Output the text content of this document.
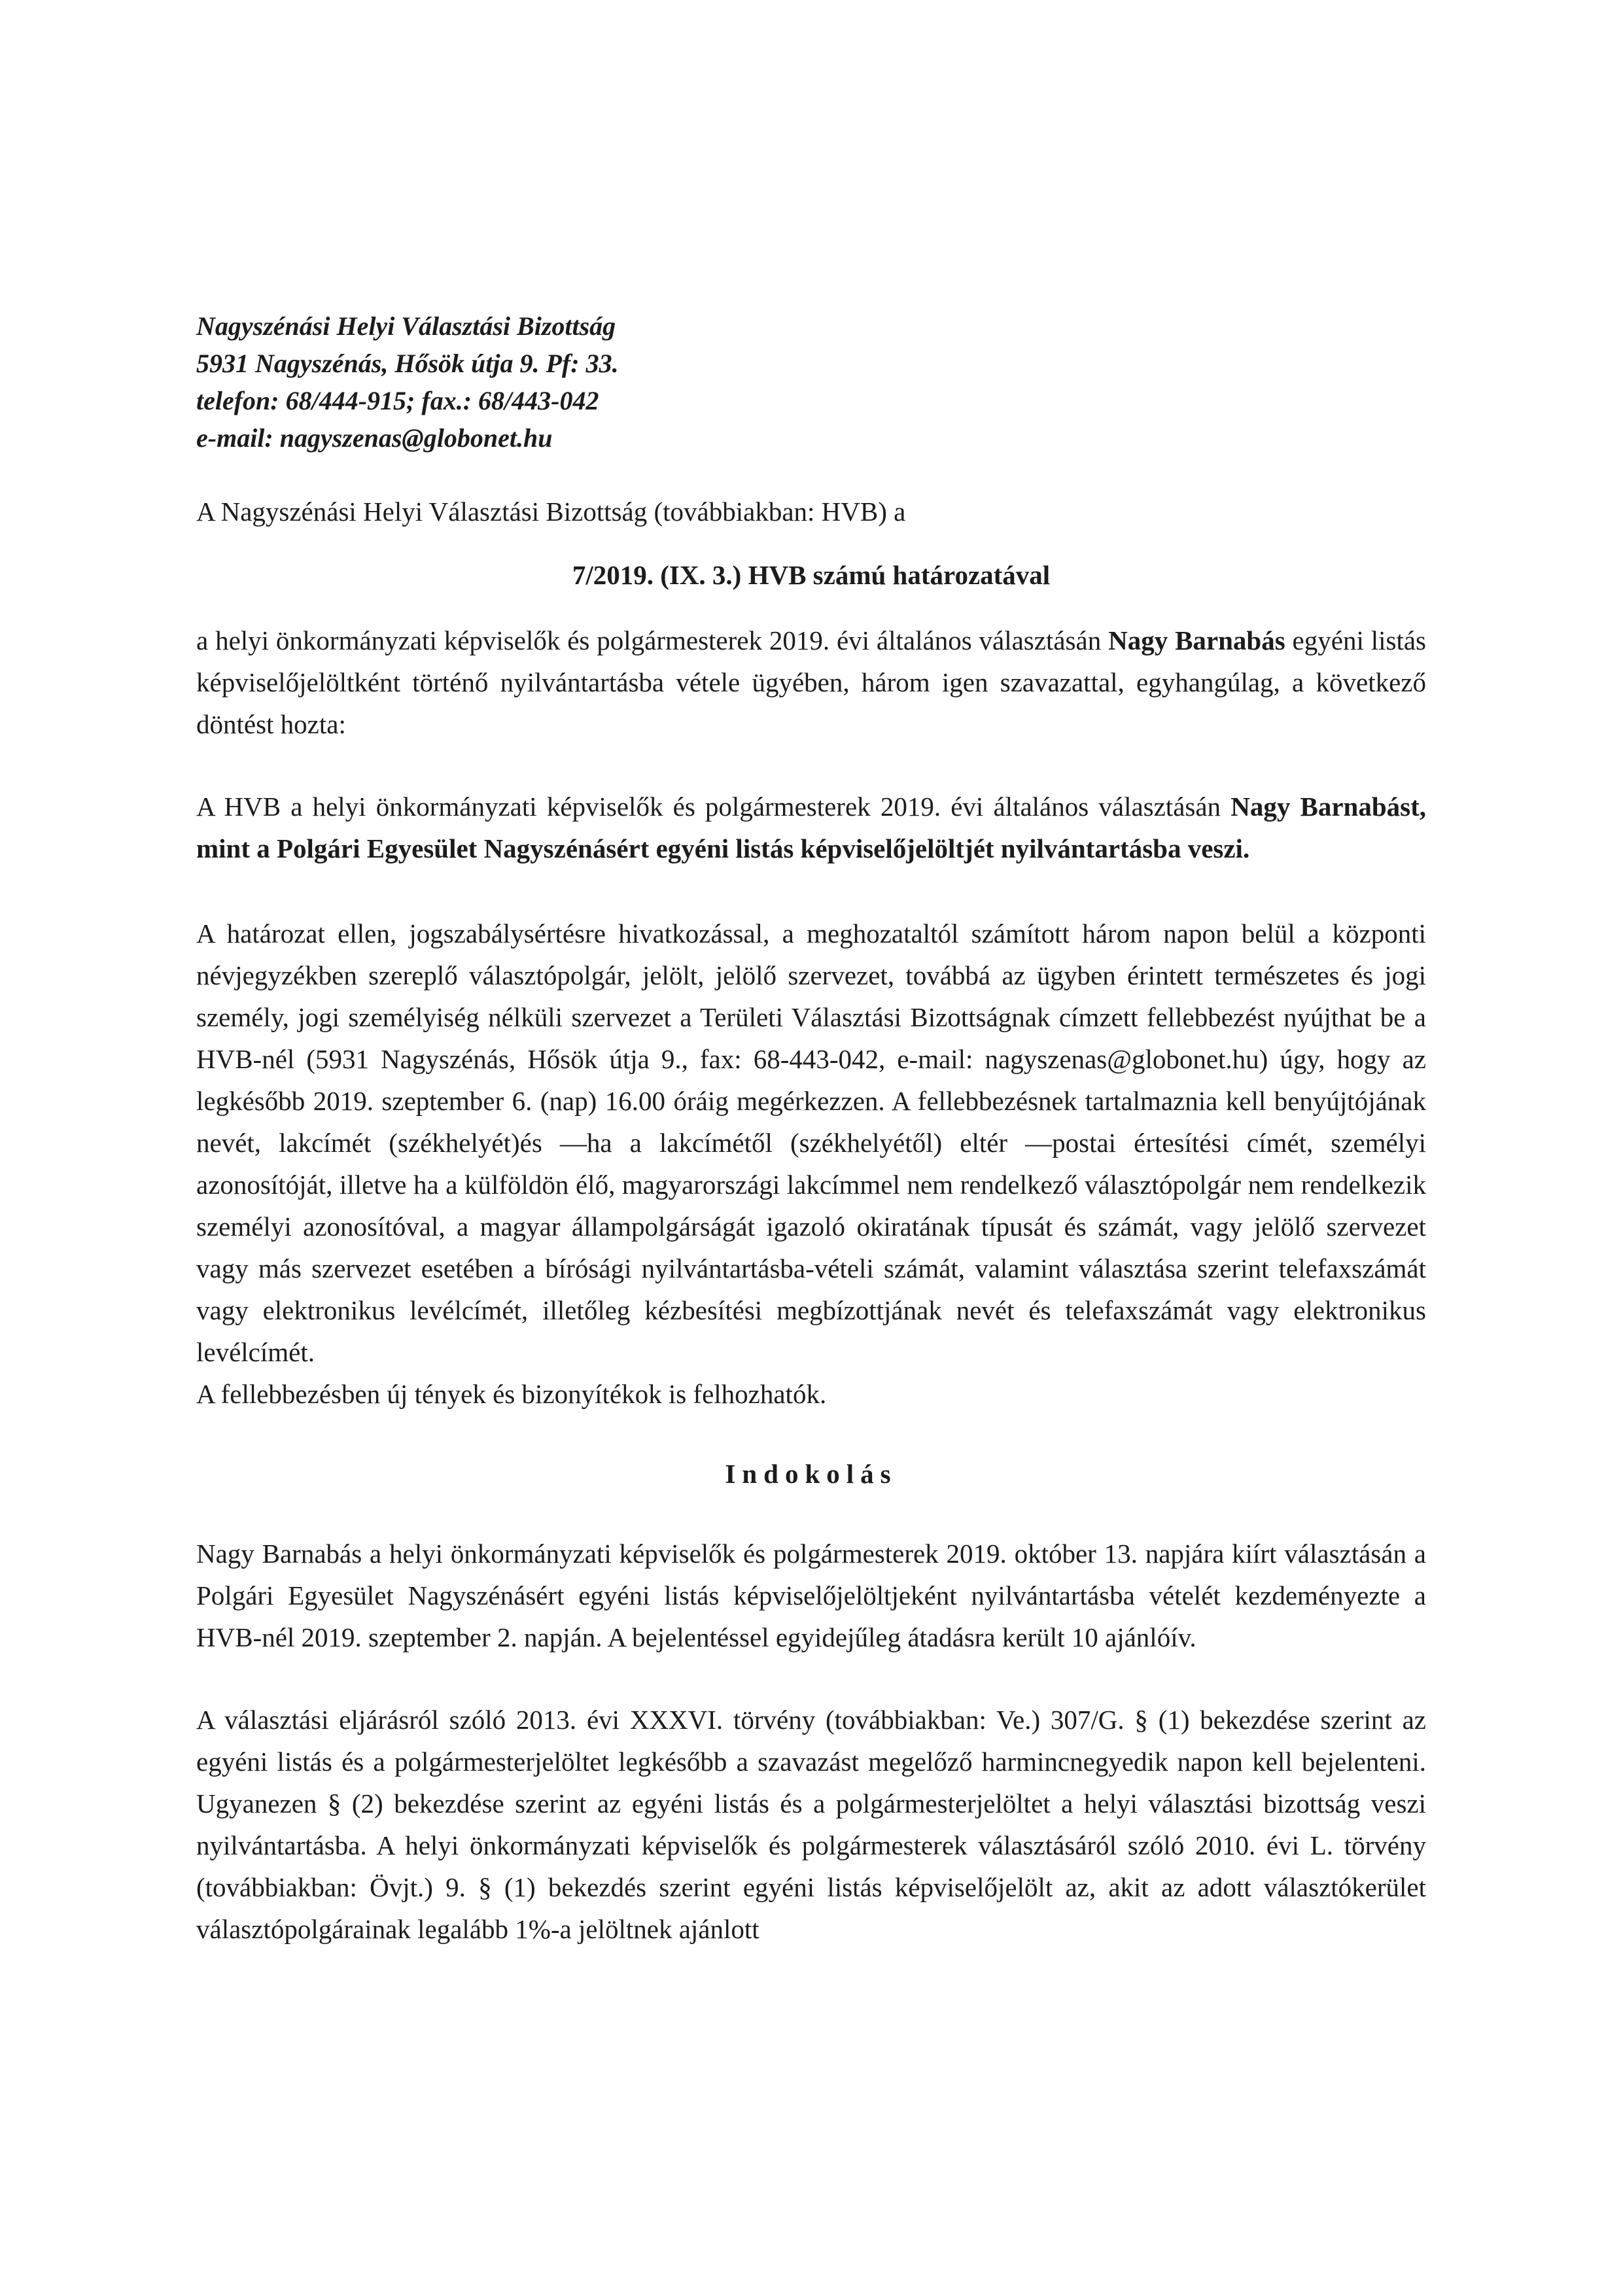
Nagyszénási Helyi Választási Bizottság
5931 Nagyszénás, Hősök útja 9. Pf: 33.
telefon: 68/444-915; fax.: 68/443-042
e-mail: nagyszenas@globonet.hu

A Nagyszénási Helyi Választási Bizottság (továbbiakban: HVB) a

7/2019. (IX. 3.) HVB számú határozatával

a helyi önkormányzati képviselők és polgármesterek 2019. évi általános választásán Nagy Barnabás egyéni listás képviselőjelöltként történő nyilvántartásba vétele ügyében, három igen szavazattal, egyhangúlag, a következő döntést hozta:

A HVB a helyi önkormányzati képviselők és polgármesterek 2019. évi általános választásán Nagy Barnabást, mint a Polgári Egyesület Nagyszénásért egyéni listás képviselőjelöltjét nyilvántartásba veszi.

A határozat ellen, jogszabálysértésre hivatkozással, a meghozataltól számított három napon belül a központi névjegyzékben szereplő választópolgár, jelölt, jelölő szervezet, továbbá az ügyben érintett természetes és jogi személy, jogi személyiség nélküli szervezet a Területi Választási Bizottságnak címzett fellebbezést nyújthat be a HVB-nél (5931 Nagyszénás, Hősök útja 9., fax: 68-443-042, e-mail: nagyszenas@globonet.hu) úgy, hogy az legkésőbb 2019. szeptember 6. (nap) 16.00 óráig megérkezzen. A fellebbezésnek tartalmaznia kell benyújtójának nevét, lakcímét (székhelyét)és —ha a lakcímétől (székhelyétől) eltér —postai értesítési címét, személyi azonosítóját, illetve ha a külföldön élő, magyarországi lakcímmel nem rendelkező választópolgár nem rendelkezik személyi azonosítóval, a magyar állampolgárságát igazoló okiratának típusát és számát, vagy jelölő szervezet vagy más szervezet esetében a bírósági nyilvántartásba-vételi számát, valamint választása szerint telefaxszámát vagy elektronikus levélcímét, illetőleg kézbesítési megbízottjának nevét és telefaxszámát vagy elektronikus levélcímét.

A fellebbezésben új tények és bizonyítékok is felhozhatók.

Indokolás

Nagy Barnabás a helyi önkormányzati képviselők és polgármesterek 2019. október 13. napjára kiírt választásán a Polgári Egyesület Nagyszénásért egyéni listás képviselőjelöltjeként nyilvántartásba vételét kezdeményezte a HVB-nél 2019. szeptember 2. napján. A bejelentéssel egyidejűleg átadásra került 10 ajánlóív.

A választási eljárásról szóló 2013. évi XXXVI. törvény (továbbiakban: Ve.) 307/G. § (1) bekezdése szerint az egyéni listás és a polgármesterjelöltet legkésőbb a szavazást megelőző harmincnegyedik napon kell bejelenteni. Ugyanezen § (2) bekezdése szerint az egyéni listás és a polgármesterjelöltet a helyi választási bizottság veszi nyilvántartásba. A helyi önkormányzati képviselők és polgármesterek választásáról szóló 2010. évi L. törvény (továbbiakban: Övjt.) 9. § (1) bekezdés szerint egyéni listás képviselőjelölt az, akit az adott választókerület választópolgárainak legalább 1%-a jelöltnek ajánlott
